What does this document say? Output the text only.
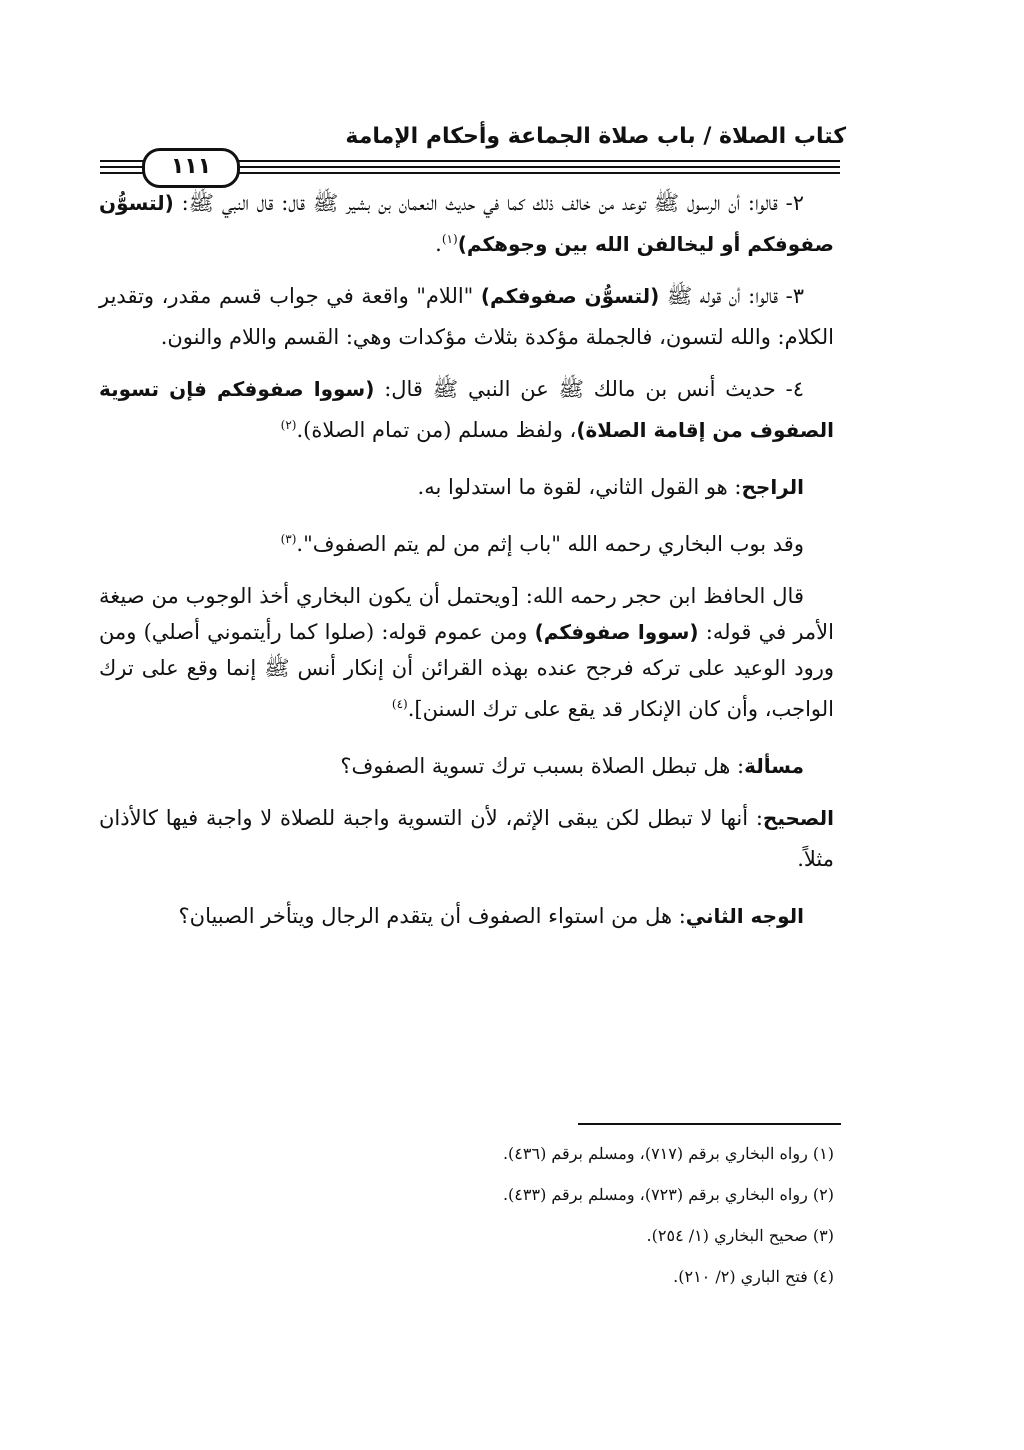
كتاب الصلاة / باب صلاة الجماعة وأحكام الإمامة
١١١

٢- قالوا: أن الرسول ﷺ توعد من خالف ذلك كما في حديث النعمان بن بشير ﷺ قال: قال النبي ﷺ: (لتسوُّن صفوفكم أو ليخالفن الله بين وجوهكم)$^{(١)}$.

٣- قالوا: أن قوله ﷺ (لتسوُّن صفوفكم) "اللام" واقعة في جواب قسم مقدر، وتقدير الكلام: والله لتسون، فالجملة مؤكدة بثلاث مؤكدات وهي: القسم واللام والنون.

٤- حديث أنس بن مالك ﷺ عن النبي ﷺ قال: (سووا صفوفكم فإن تسوية الصفوف من إقامة الصلاة)، ولفظ مسلم (من تمام الصلاة).$^{(٢)}$

الراجح: هو القول الثاني، لقوة ما استدلوا به.

وقد بوب البخاري رحمه الله "باب إثم من لم يتم الصفوف".$^{(٣)}$

قال الحافظ ابن حجر رحمه الله: [ويحتمل أن يكون البخاري أخذ الوجوب من صيغة الأمر في قوله: (سووا صفوفكم) ومن عموم قوله: (صلوا كما رأيتموني أصلي) ومن ورود الوعيد على تركه فرجح عنده بهذه القرائن أن إنكار أنس ﷺ إنما وقع على ترك الواجب، وأن كان الإنكار قد يقع على ترك السنن].$^{(٤)}$

مسألة: هل تبطل الصلاة بسبب ترك تسوية الصفوف؟

الصحيح: أنها لا تبطل لكن يبقى الإثم، لأن التسوية واجبة للصلاة لا واجبة فيها كالأذان مثلاً.

الوجه الثاني: هل من استواء الصفوف أن يتقدم الرجال ويتأخر الصبيان؟

(١) رواه البخاري برقم (٧١٧)، ومسلم برقم (٤٣٦).
(٢) رواه البخاري برقم (٧٢٣)، ومسلم برقم (٤٣٣).
(٣) صحيح البخاري (١/ ٢٥٤).
(٤) فتح الباري (٢/ ٢١٠).
